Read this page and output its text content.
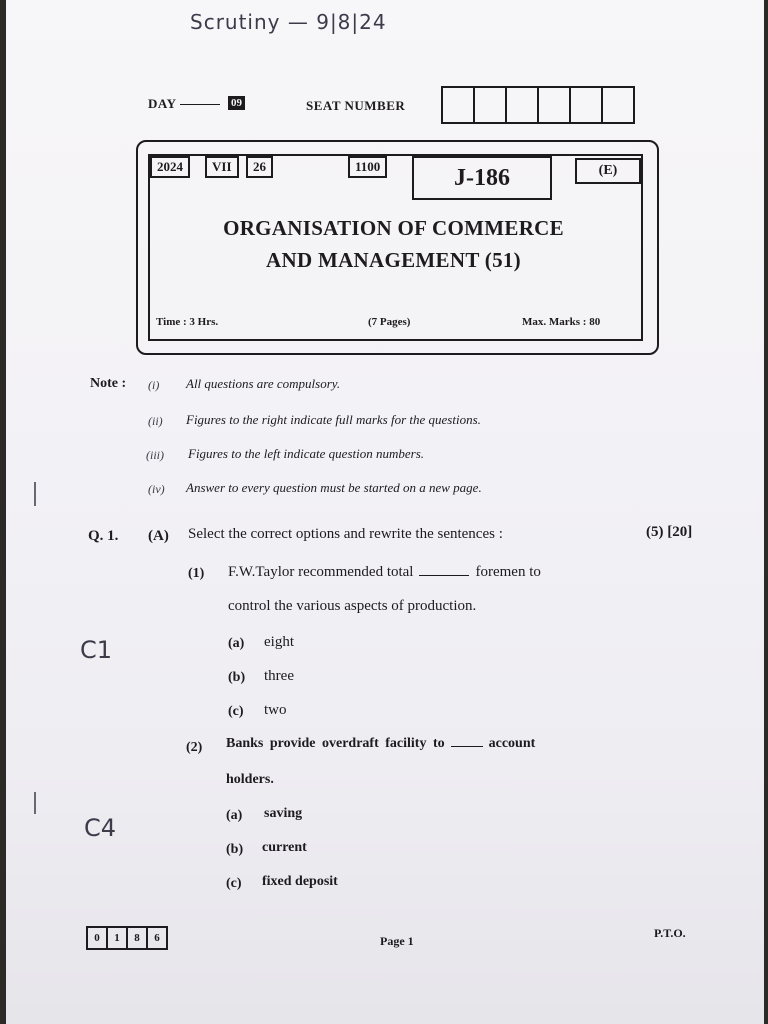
Scrutiny — 9|8|24
DAY	09	SEAT NUMBER
2024	VII	26	1100	J-186	(E)
ORGANISATION OF COMMERCE
AND MANAGEMENT (51)
Time : 3 Hrs.	(7 Pages)	Max. Marks : 80
Note : (i) All questions are compulsory.
(ii) Figures to the right indicate full marks for the questions.
(iii) Figures to the left indicate question numbers.
(iv) Answer to every question must be started on a new page.
Q. 1. (A) Select the correct options and rewrite the sentences :	(5) [20]
(1) F.W.Taylor recommended total	foremen to
control the various aspects of production.
C1	(a) eight
(b) three
(c) two
(2) Banks provide overdraft facility to	account
holders.
C4	(a) saving
(b) current
(c) fixed deposit
0	1	8	6	Page 1
P.T.O.
